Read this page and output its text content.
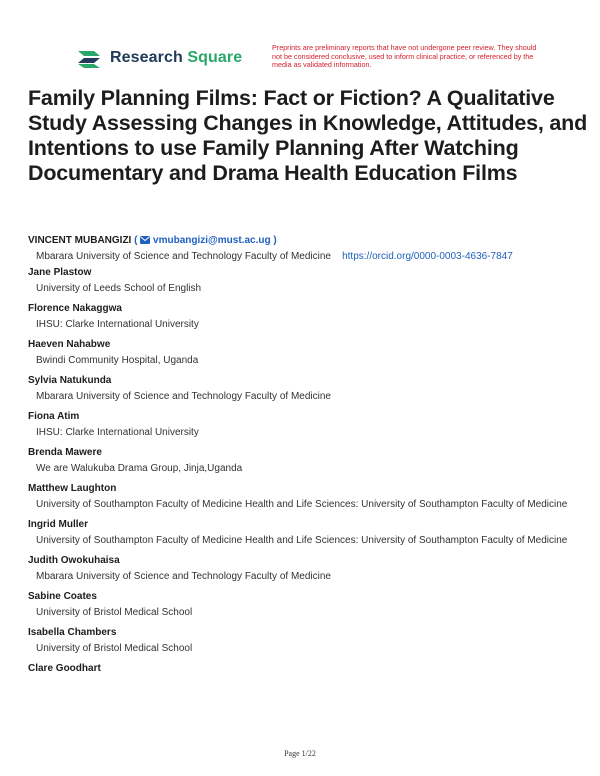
Research Square
Preprints are preliminary reports that have not undergone peer review. They should not be considered conclusive, used to inform clinical practice, or referenced by the media as validated information.
Family Planning Films: Fact or Fiction? A Qualitative Study Assessing Changes in Knowledge, Attitudes, and Intentions to use Family Planning After Watching Documentary and Drama Health Education Films
VINCENT MUBANGIZI ( vmubangizi@must.ac.ug )
Mbarara University of Science and Technology Faculty of Medicine https://orcid.org/0000-0003-4636-7847
Jane Plastow
University of Leeds School of English
Florence Nakaggwa
IHSU: Clarke International University
Haeven Nahabwe
Bwindi Community Hospital, Uganda
Sylvia Natukunda
Mbarara University of Science and Technology Faculty of Medicine
Fiona Atim
IHSU: Clarke International University
Brenda Mawere
We are Walukuba Drama Group, Jinja,Uganda
Matthew Laughton
University of Southampton Faculty of Medicine Health and Life Sciences: University of Southampton Faculty of Medicine
Ingrid Muller
University of Southampton Faculty of Medicine Health and Life Sciences: University of Southampton Faculty of Medicine
Judith Owokuhaisa
Mbarara University of Science and Technology Faculty of Medicine
Sabine Coates
University of Bristol Medical School
Isabella Chambers
University of Bristol Medical School
Clare Goodhart
Page 1/22
